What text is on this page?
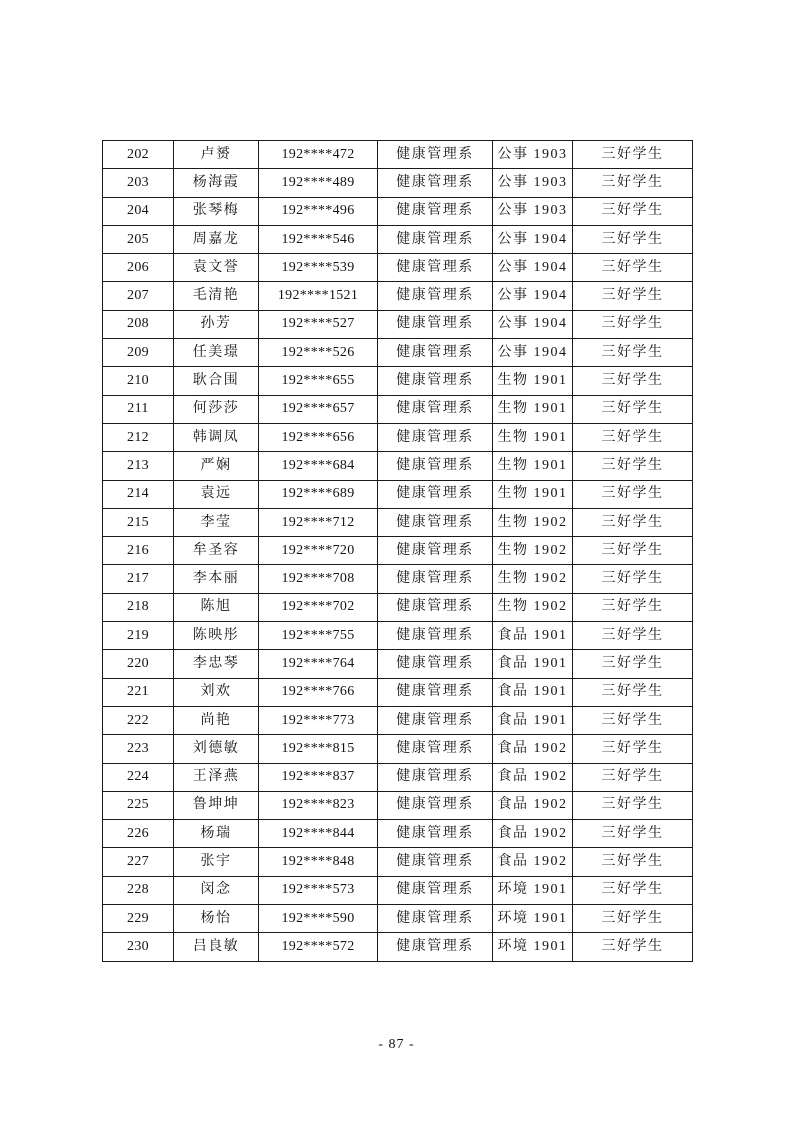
202	卢赟	192****472	健康管理系	公事 1903	三好学生
203	杨海霞	192****489	健康管理系	公事 1903	三好学生
204	张琴梅	192****496	健康管理系	公事 1903	三好学生
205	周嘉龙	192****546	健康管理系	公事 1904	三好学生
206	袁文誉	192****539	健康管理系	公事 1904	三好学生
207	毛清艳	192****1521	健康管理系	公事 1904	三好学生
208	孙芳	192****527	健康管理系	公事 1904	三好学生
209	任美璟	192****526	健康管理系	公事 1904	三好学生
210	耿合围	192****655	健康管理系	生物 1901	三好学生
211	何莎莎	192****657	健康管理系	生物 1901	三好学生
212	韩调凤	192****656	健康管理系	生物 1901	三好学生
213	严娴	192****684	健康管理系	生物 1901	三好学生
214	袁远	192****689	健康管理系	生物 1901	三好学生
215	李莹	192****712	健康管理系	生物 1902	三好学生
216	牟圣容	192****720	健康管理系	生物 1902	三好学生
217	李本丽	192****708	健康管理系	生物 1902	三好学生
218	陈旭	192****702	健康管理系	生物 1902	三好学生
219	陈映彤	192****755	健康管理系	食品 1901	三好学生
220	李忠琴	192****764	健康管理系	食品 1901	三好学生
221	刘欢	192****766	健康管理系	食品 1901	三好学生
222	尚艳	192****773	健康管理系	食品 1901	三好学生
223	刘德敏	192****815	健康管理系	食品 1902	三好学生
224	王泽燕	192****837	健康管理系	食品 1902	三好学生
225	鲁坤坤	192****823	健康管理系	食品 1902	三好学生
226	杨瑞	192****844	健康管理系	食品 1902	三好学生
227	张宇	192****848	健康管理系	食品 1902	三好学生
228	闵念	192****573	健康管理系	环境 1901	三好学生
229	杨怡	192****590	健康管理系	环境 1901	三好学生
230	吕良敏	192****572	健康管理系	环境 1901	三好学生
- 87 -
